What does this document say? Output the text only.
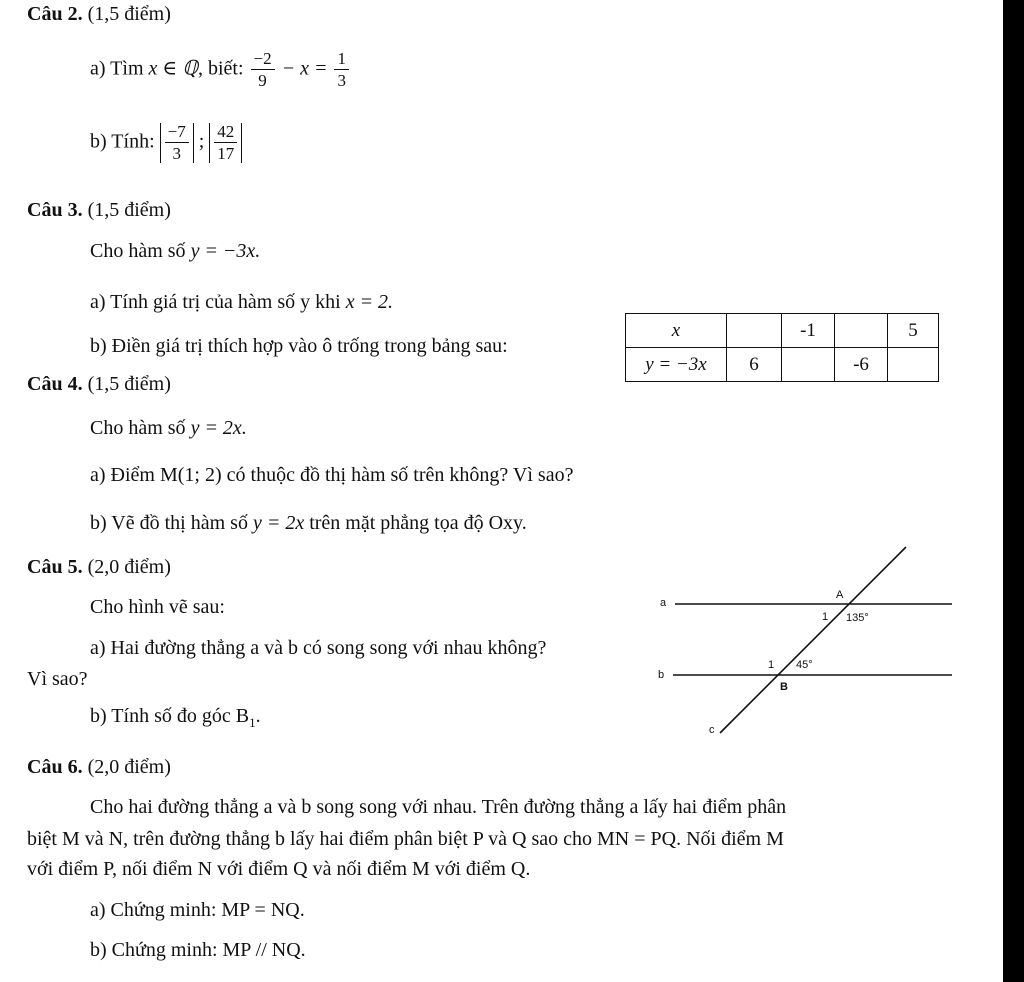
Câu 2. (1,5 điểm)
a) Tìm x ∈ ℚ, biết: $\frac{-2}{9} - x = \frac{1}{3}$
b) Tính: $\frac{-7}{3}$ ; $\frac{42}{17}$
Câu 3. (1,5 điểm)
Cho hàm số y = −3x.
a) Tính giá trị của hàm số y khi x = 2.
b) Điền giá trị thích hợp vào ô trống trong bảng sau:
x		-1		5
y = −3x	6		-6	
Câu 4. (1,5 điểm)
Cho hàm số y = 2x.
a) Điểm M(1; 2) có thuộc đồ thị hàm số trên không? Vì sao?
b) Vẽ đồ thị hàm số y = 2x trên mặt phẳng tọa độ Oxy.
Câu 5. (2,0 điểm)
Cho hình vẽ sau:
a) Hai đường thẳng a và b có song song với nhau không?
Vì sao?
b) Tính số đo góc $B_1$.
a
b
c
A
1 135°
1 45°
B
Câu 6. (2,0 điểm)
Cho hai đường thẳng a và b song song với nhau. Trên đường thẳng a lấy hai điểm phân
biệt M và N, trên đường thẳng b lấy hai điểm phân biệt P và Q sao cho MN = PQ. Nối điểm M
với điểm P, nối điểm N với điểm Q và nối điểm M với điểm Q.
a) Chứng minh: MP = NQ.
b) Chứng minh: MP // NQ.
